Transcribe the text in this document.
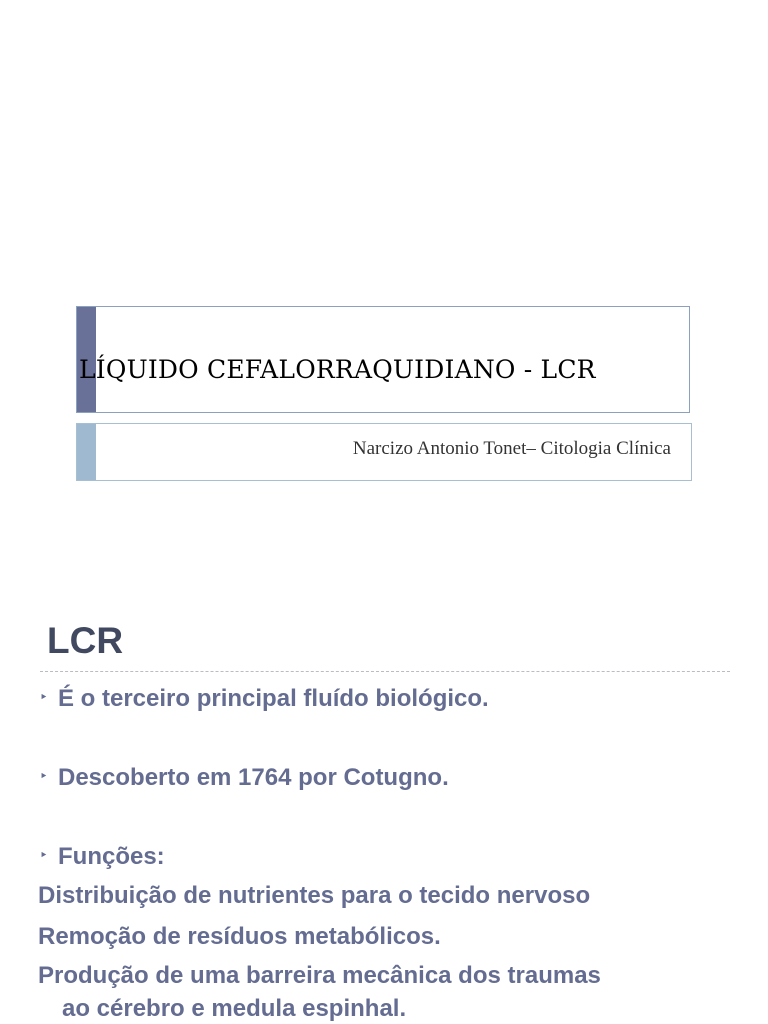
LÍQUIDO CEFALORRAQUIDIANO - LCR
Narcizo Antonio Tonet– Citologia Clínica
LCR
‣ É o terceiro principal fluído biológico.
‣ Descoberto em 1764 por Cotugno.
‣ Funções:
Distribuição de nutrientes para o tecido nervoso
Remoção de resíduos metabólicos.
Produção de uma barreira mecânica dos traumas
ao cérebro e medula espinhal.
